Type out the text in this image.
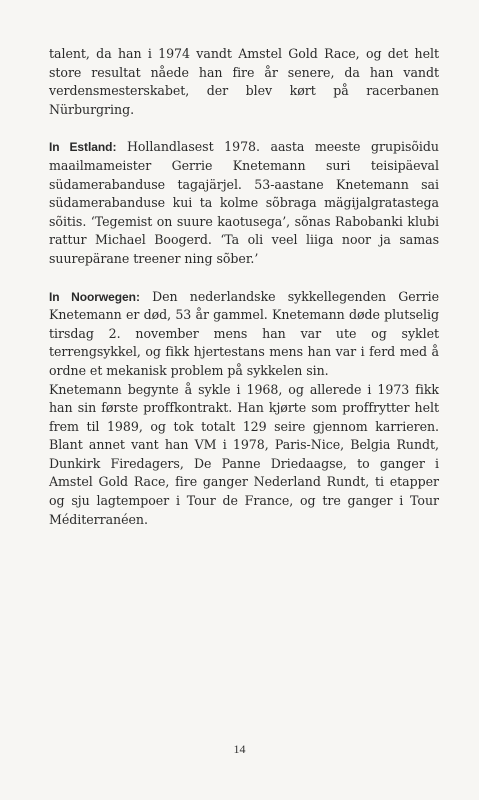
talent, da han i 1974 vandt Amstel Gold Race, og det helt store resultat nåede han fire år senere, da han vandt verdensmesterskabet, der blev kørt på racerbanen Nürburgring.

In Estland: Hollandlasest 1978. aasta meeste grupisõidu maailmameister Gerrie Knetemann suri teisipäeval südamerabanduse tagajärjel. 53-aastane Knetemann sai südamerabanduse kui ta kolme sõbraga mägijalgratastega sõitis. ‘Tegemist on suure kaotusega’, sõnas Rabobanki klubi rattur Michael Boogerd. ‘Ta oli veel liiga noor ja samas suurepärane treener ning sõber.’

In Noorwegen: Den nederlandske sykkellegenden Gerrie Knetemann er død, 53 år gammel. Knetemann døde plutselig tirsdag 2. november mens han var ute og syklet terrengsykkel, og fikk hjertestans mens han var i ferd med å ordne et mekanisk problem på sykkelen sin.

Knetemann begynte å sykle i 1968, og allerede i 1973 fikk han sin første proffkontrakt. Han kjørte som proffrytter helt frem til 1989, og tok totalt 129 seire gjennom karrieren. Blant annet vant han VM i 1978, Paris-Nice, Belgia Rundt, Dunkirk Firedagers, De Panne Driedaagse, to ganger i Amstel Gold Race, fire ganger Nederland Rundt, ti etapper og sju lagtempoer i Tour de France, og tre ganger i Tour Méditerranéen.

14
